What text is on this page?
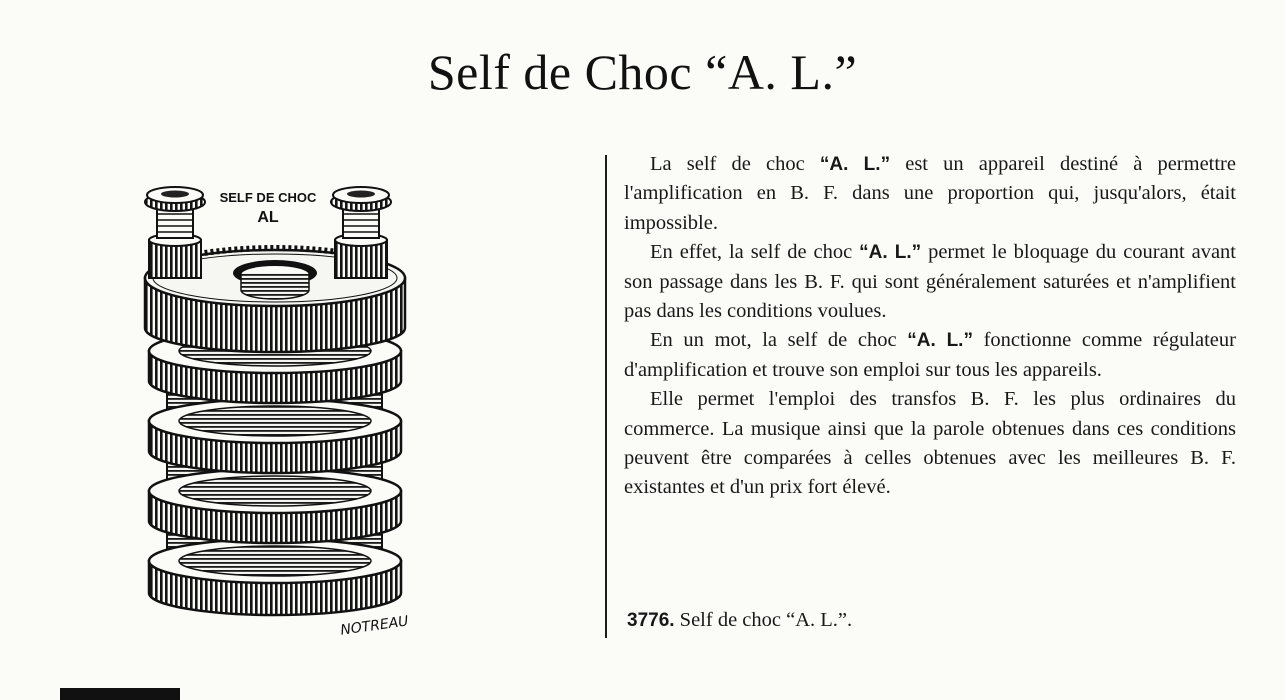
Self de Choc “A. L.”
SELF DE CHOC
AL
NOTREAU

La self de choc “A. L.” est un appareil destiné à permettre l'amplification en B. F. dans une proportion qui, jusqu'alors, était impossible.

En effet, la self de choc “A. L.” permet le bloquage du courant avant son passage dans les B. F. qui sont généralement saturées et n'amplifient pas dans les conditions voulues.

En un mot, la self de choc “A. L.” fonctionne comme régulateur d'amplification et trouve son emploi sur tous les appareils.

Elle permet l'emploi des transfos B. F. les plus ordinaires du commerce. La musique ainsi que la parole obtenues dans ces conditions peuvent être comparées à celles obtenues avec les meilleures B. F. existantes et d'un prix fort élevé.

3776. Self de choc “A. L.”.
